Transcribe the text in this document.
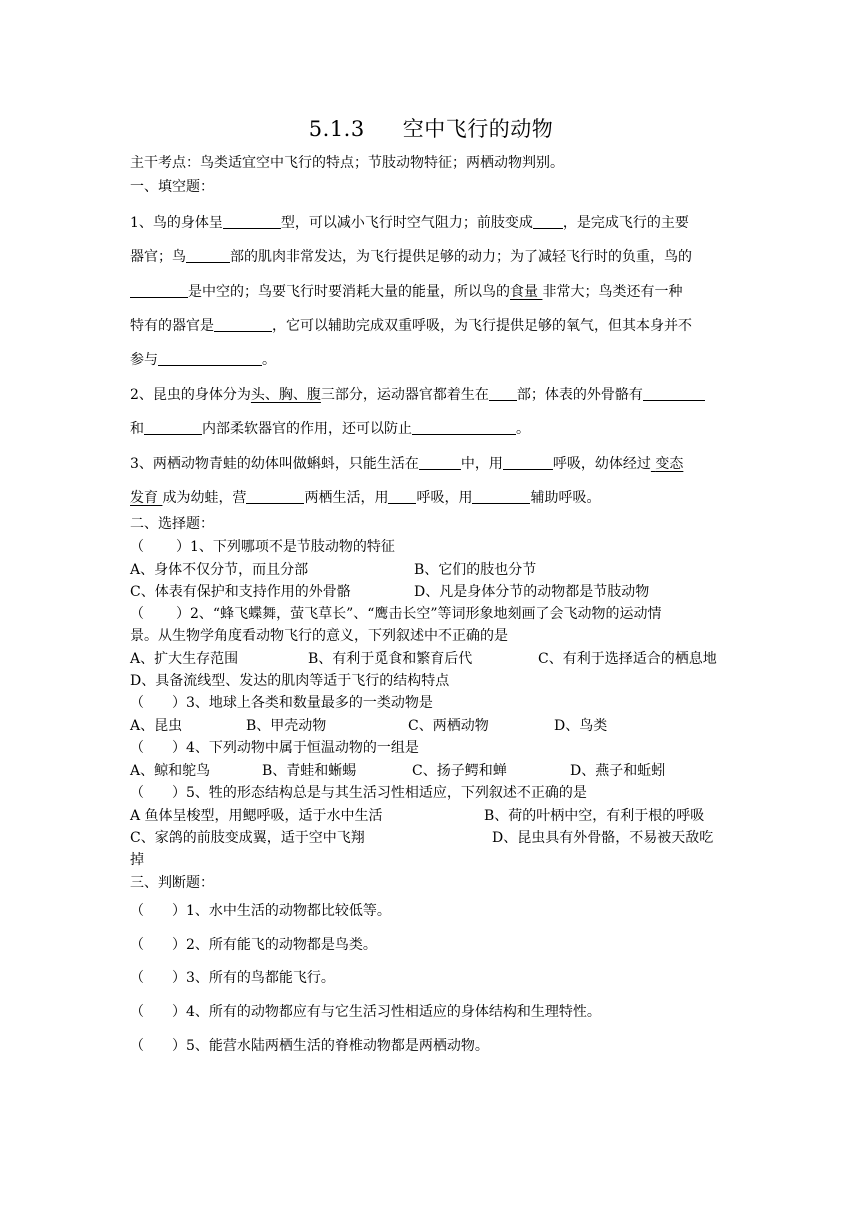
5.1.3 空中飞行的动物
主干考点：鸟类适宜空中飞行的特点；节肢动物特征；两栖动物判别。
一、填空题：
1、鸟的身体呈	型，可以减小飞行时空气阻力；前肢变成 ，是完成飞行的主要
器官；鸟	部的肌肉非常发达，为飞行提供足够的动力；为了减轻飞行时的负重，鸟的
是中空的；鸟要飞行时要消耗大量的能量，所以鸟的食量 非常大；鸟类还有一种
特有的器官是	，它可以辅助完成双重呼吸，为飞行提供足够的氧气，但其本身并不
参与	。
2、昆虫的身体分为头、胸、腹三部分，运动器官都着生在 部；体表的外骨骼有
和	内部柔软器官的作用，还可以防止	。
3、两栖动物青蛙的幼体叫做蝌蚪，只能生活在	中，用	呼吸，幼体经过 变态
发育 成为幼蛙，营	两栖生活，用 呼吸，用	辅助呼吸。
二、选择题：
（ ）1、下列哪项不是节肢动物的特征
A、身体不仅分节，而且分部	B、它们的肢也分节
C、体表有保护和支持作用的外骨骼	D、凡是身体分节的动物都是节肢动物
（ ）2、“蜂飞蝶舞，萤飞草长”、“鹰击长空”等词形象地刻画了会飞动物的运动情
景。从生物学角度看动物飞行的意义，下列叙述中不正确的是
A、扩大生存范围	B、有利于觅食和繁育后代	C、有利于选择适合的栖息地
D、具备流线型、发达的肌肉等适于飞行的结构特点
（ ）3、地球上各类和数量最多的一类动物是
A、昆虫	B、甲壳动物	C、两栖动物	D、鸟类
（ ）4、下列动物中属于恒温动物的一组是
A、鲸和鸵鸟	B、青蛙和蜥蜴	C、扬子鳄和蝉	D、燕子和蚯蚓
（ ）5、牲的形态结构总是与其生活习性相适应，下列叙述不正确的是
A 鱼体呈梭型，用鳃呼吸，适于水中生活	B、荷的叶柄中空，有利于根的呼吸
C、家鸽的前肢变成翼，适于空中飞翔	D、昆虫具有外骨骼，不易被天敌吃
掉
三、判断题：
（ ）1、水中生活的动物都比较低等。
（ ）2、所有能飞的动物都是鸟类。
（ ）3、所有的鸟都能飞行。
（ ）4、所有的动物都应有与它生活习性相适应的身体结构和生理特性。
（ ）5、能营水陆两栖生活的脊椎动物都是两栖动物。
